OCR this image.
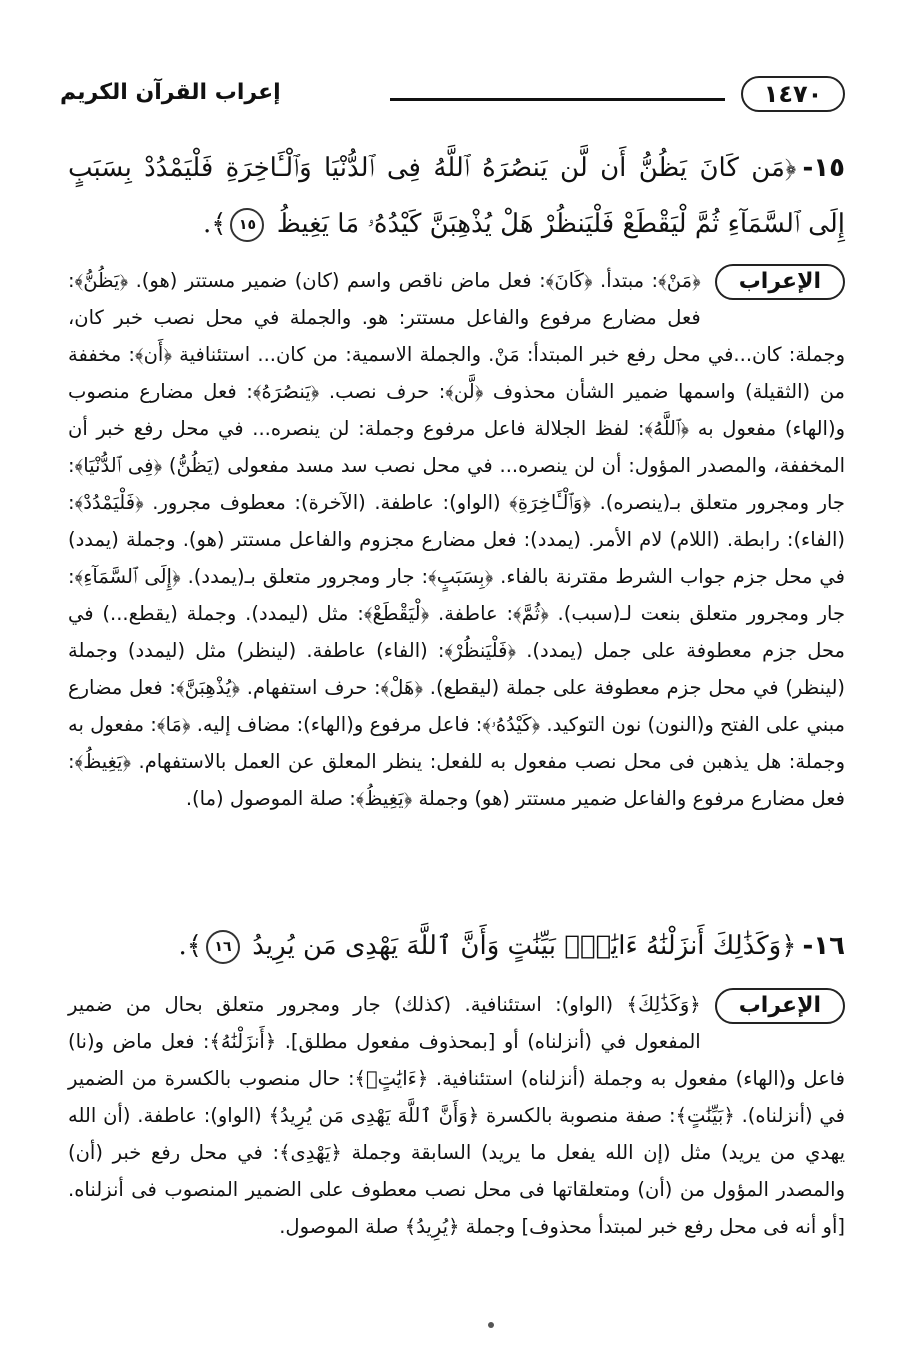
١٤٧٠
إعراب القرآن الكريم
١٥-﴿مَن كَانَ يَظُنُّ أَن لَّن يَنصُرَهُ ٱللَّهُ فِى ٱلدُّنْيَا وَٱلْـَٔاخِرَةِ فَلْيَمْدُدْ بِسَبَبٍ إِلَى ٱلسَّمَآءِ ثُمَّ لْيَقْطَعْ فَلْيَنظُرْ هَلْ يُذْهِبَنَّ كَيْدُهُۥ مَا يَغِيظُ ١٥﴾.
الإعراب
﴿مَنْ﴾: مبتدأ. ﴿كَانَ﴾: فعل ماض ناقص واسم (كان) ضمير مستتر (هو). ﴿يَظُنُّ﴾: فعل مضارع مرفوع والفاعل مستتر: هو. والجملة في محل نصب خبر كان، وجملة: كان...في محل رفع خبر المبتدأ: مَنْ. والجملة الاسمية: من كان... استئنافية ﴿أَن﴾: مخففة من (الثقيلة) واسمها ضمير الشأن محذوف ﴿لَّن﴾: حرف نصب. ﴿يَنصُرَهُ﴾: فعل مضارع منصوب و(الهاء) مفعول به ﴿ٱللَّهُ﴾: لفظ الجلالة فاعل مرفوع وجملة: لن ينصره... في محل رفع خبر أن المخففة، والمصدر المؤول: أن لن ينصره... في محل نصب سد مسد مفعولى (يَظُنُّ) ﴿فِى ٱلدُّنْيَا﴾: جار ومجرور متعلق بـ(ينصره). ﴿وَٱلْـَٔاخِرَةِ﴾ (الواو): عاطفة. (الآخرة): معطوف مجرور. ﴿فَلْيَمْدُدْ﴾: (الفاء): رابطة. (اللام) لام الأمر. (يمدد): فعل مضارع مجزوم والفاعل مستتر (هو). وجملة (يمدد) في محل جزم جواب الشرط مقترنة بالفاء. ﴿بِسَبَبٍ﴾: جار ومجرور متعلق بـ(يمدد). ﴿إِلَى ٱلسَّمَآءِ﴾: جار ومجرور متعلق بنعت لـ(سبب). ﴿ثُمَّ﴾: عاطفة. ﴿لْيَقْطَعْ﴾: مثل (ليمدد). وجملة (يقطع...) في محل جزم معطوفة على جمل (يمدد). ﴿فَلْيَنظُرْ﴾: (الفاء) عاطفة. (لينظر) مثل (ليمدد) وجملة (لينظر) في محل جزم معطوفة على جملة (ليقطع). ﴿هَلْ﴾: حرف استفهام. ﴿يُذْهِبَنَّ﴾: فعل مضارع مبني على الفتح و(النون) نون التوكيد. ﴿كَيْدُهُۥ﴾: فاعل مرفوع و(الهاء): مضاف إليه. ﴿مَا﴾: مفعول به وجملة: هل يذهبن فى محل نصب مفعول به للفعل: ينظر المعلق عن العمل بالاستفهام. ﴿يَغِيظُ﴾: فعل مضارع مرفوع والفاعل ضمير مستتر (هو) وجملة ﴿يَغِيظُ﴾: صلة الموصول (ما).
١٦-﴿وَكَذَٰلِكَ أَنزَلْنَٰهُ ءَايَٰتٍۭ بَيِّنَٰتٍ وَأَنَّ ٱللَّهَ يَهْدِى مَن يُرِيدُ ١٦﴾.
الإعراب
﴿وَكَذَٰلِكَ﴾ (الواو): استئنافية. (كذلك) جار ومجرور متعلق بحال من ضمير المفعول في (أنزلناه) أو [بمحذوف مفعول مطلق]. ﴿أَنزَلْنَٰهُ﴾: فعل ماض و(نا) فاعل و(الهاء) مفعول به وجملة (أنزلناه) استئنافية. ﴿ءَايَٰتٍۭ﴾: حال منصوب بالكسرة من الضمير في (أنزلناه). ﴿بَيِّنَٰتٍ﴾: صفة منصوبة بالكسرة ﴿وَأَنَّ ٱللَّهَ يَهْدِى مَن يُرِيدُ﴾ (الواو): عاطفة. (أن الله يهدي من يريد) مثل (إن الله يفعل ما يريد) السابقة وجملة ﴿يَهْدِى﴾: في محل رفع خبر (أن) والمصدر المؤول من (أن) ومتعلقاتها فى محل نصب معطوف على الضمير المنصوب فى أنزلناه. [أو أنه فى محل رفع خبر لمبتدأ محذوف] وجملة ﴿يُرِيدُ﴾ صلة الموصول.
